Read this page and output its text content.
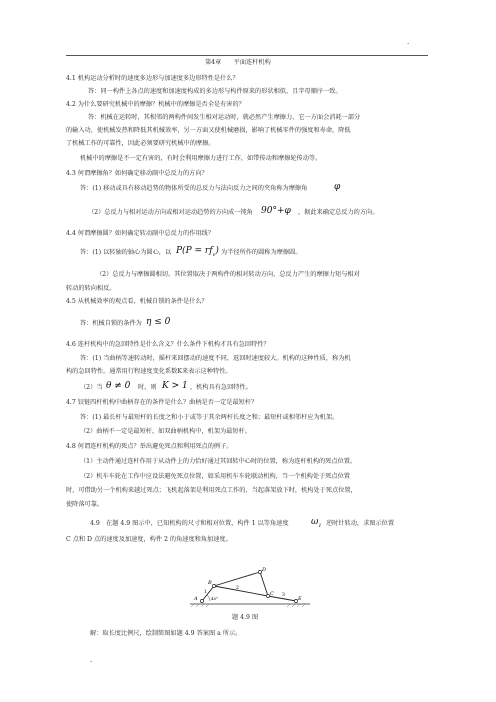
.
第4章　　平面连杆机构
4.1 机构运动分析时的速度多边形与加速度多边形特性是什么？
答：同一构件上各点的速度和加速度构成的多边形与构件原来的形状相似，且字母顺序一致。
4.2 为什么要研究机械中的摩擦？机械中的摩擦是否全是有害的？
答：机械在运转时，其相邻的两构件间发生相对运动时，就必然产生摩擦力，它一方面会消耗一部分
的输入功，使机械发热和降低其机械效率，另一方面又使机械磨损，影响了机械零件的强度和寿命，降低
了机械工作的可靠性，因此必须要研究机械中的摩擦。
机械中的摩擦是不一定有害的，有时会利用摩擦力进行工作，如带传动和摩擦轮传动等。
4.3 何谓摩擦角？如何确定移动副中总反力的方向？
答：(1) 移动或具有移动趋势的物体所受的总反力与法向反力之间的夹角称为摩擦角	φ
（2）总反力与相对运动方向或相对运动趋势的方向成一钝角 90°+φ ，据此来确定总反力的方向。
4.4 何谓摩擦圆？如何确定转动副中总反力的作用线？
答：(1) 以转轴的轴心为圆心，以 $P(P = rf_v)$ 为半径所作的圆称为摩擦圆。
（2）总反力与摩擦圆相切。其位置取决于两构件的相对转动方向，总反力产生的摩擦力矩与相对
转动的转向相反。
4.5 从机械效率的观点看，机械自锁的条件是什么？
答：机械自锁的条件为 η ≤ 0
4.6 连杆机构中的急回特性是什么含义？什么条件下机构才具有急回特性？
答：(1) 当曲柄等速转动时，摇杆来回摆动的速度不同，返回时速度较大。机构的这种性质，称为机
构的急回特性。通常用行程速度变化系数K来表示这种特性。
（2）当 θ ≠ 0 时，则 K > 1 ，机构具有急回特性。
4.7 铰链四杆机构中曲柄存在的条件是什么？曲柄是否一定是最短杆？
答：(1) 最长杆与最短杆的长度之和小于或等于其余两杆长度之和；最短杆或相邻杆应为机架。
（2）曲柄不一定是最短杆，如双曲柄机构中，机架为最短杆。
4.8 何谓连杆机构的死点？举出避免死点和利用死点的例子。
（1）主动件通过连杆作用于从动件上的力恰好通过其回转中心时的位置，称为连杆机构的死点位置。
（2）机车车轮在工作中应设法避免死点位置，如采用机车车轮联动机构，当一个机构处于死点位置
时，可借助另一个机构来越过死点；飞机起落架是利用死点工作的，当起落架放下时，机构处于死点位置，
使降落可靠。
4.9　在题 4.9 图示中，已知机构的尺寸和相对位置，构件 1 以等角速度 $\omega_1$ 逆时针转动，求图示位置
C 点和 D 点的速度及加速度，构件 2 的角速度和角加速度。
A
B
D
C
E
1
2
3
45°
题 4.9 图
解：取长度比例尺，绘制简图如题 4.9 答案图 a 所示。
.
